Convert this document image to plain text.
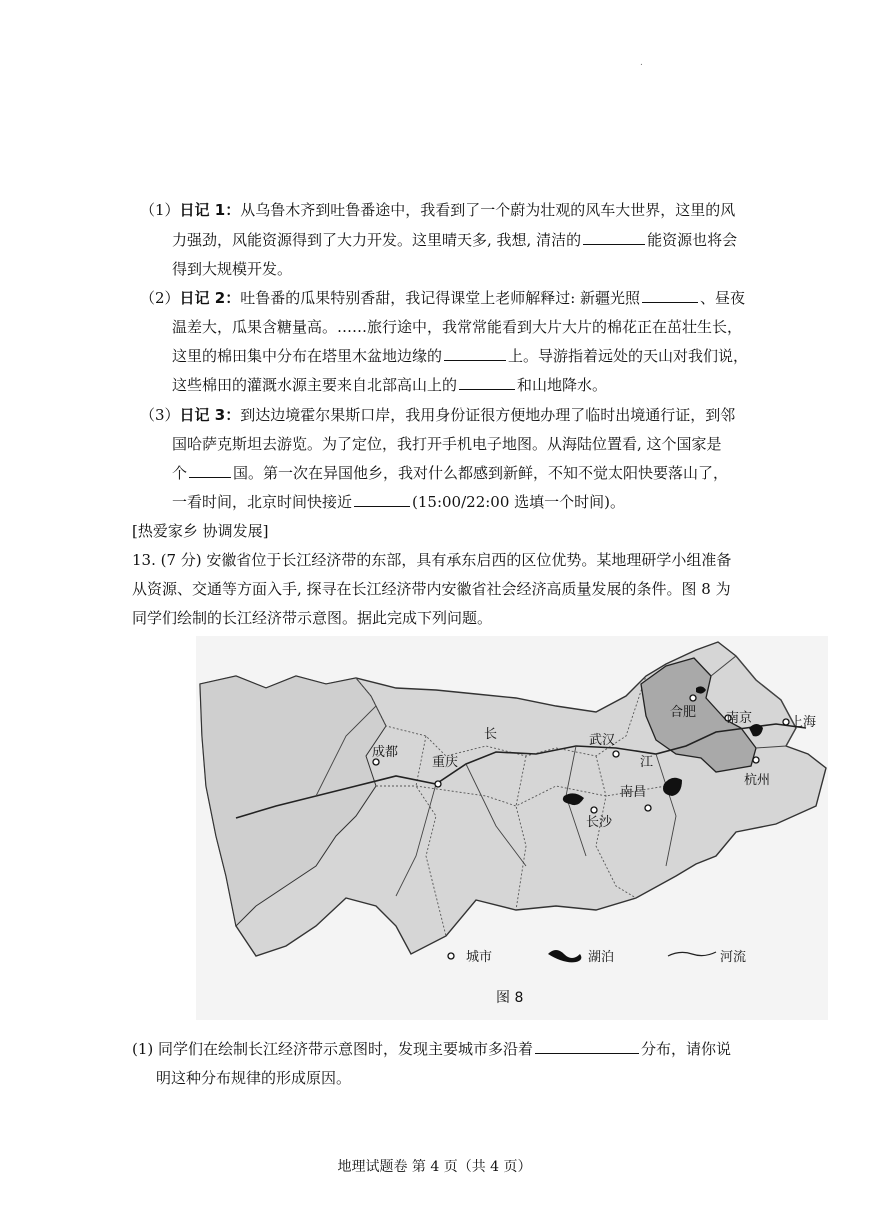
.
（1）日记 1：从乌鲁木齐到吐鲁番途中，我看到了一个蔚为壮观的风车大世界，这里的风
力强劲，风能资源得到了大力开发。这里晴天多, 我想, 清洁的	能资源也将会
得到大规模开发。
（2）日记 2：吐鲁番的瓜果特别香甜，我记得课堂上老师解释过: 新疆光照	、昼夜
温差大，瓜果含糖量高。……旅行途中，我常常能看到大片大片的棉花正在茁壮生长，
这里的棉田集中分布在塔里木盆地边缘的	上。导游指着远处的天山对我们说，
这些棉田的灌溉水源主要来自北部高山上的	和山地降水。
（3）日记 3：到达边境霍尔果斯口岸，我用身份证很方便地办理了临时出境通行证，到邻
国哈萨克斯坦去游览。为了定位，我打开手机电子地图。从海陆位置看, 这个国家是
个	国。第一次在异国他乡，我对什么都感到新鲜，不知不觉太阳快要落山了，
一看时间，北京时间快接近	(15:00/22:00 选填一个时间)。
[热爱家乡 协调发展]
13. (7 分) 安徽省位于长江经济带的东部，具有承东启西的区位优势。某地理研学小组准备
从资源、交通等方面入手, 探寻在长江经济带内安徽省社会经济高质量发展的条件。图 8 为
同学们绘制的长江经济带示意图。据此完成下列问题。
成都
重庆
武汉
长沙
南昌
合肥 南京	上海
杭州
长
江
城市	湖泊	河流
图 8
(1) 同学们在绘制长江经济带示意图时，发现主要城市多沿着	分布，请你说
明这种分布规律的形成原因。
地理试题卷 第 4 页（共 4 页）
